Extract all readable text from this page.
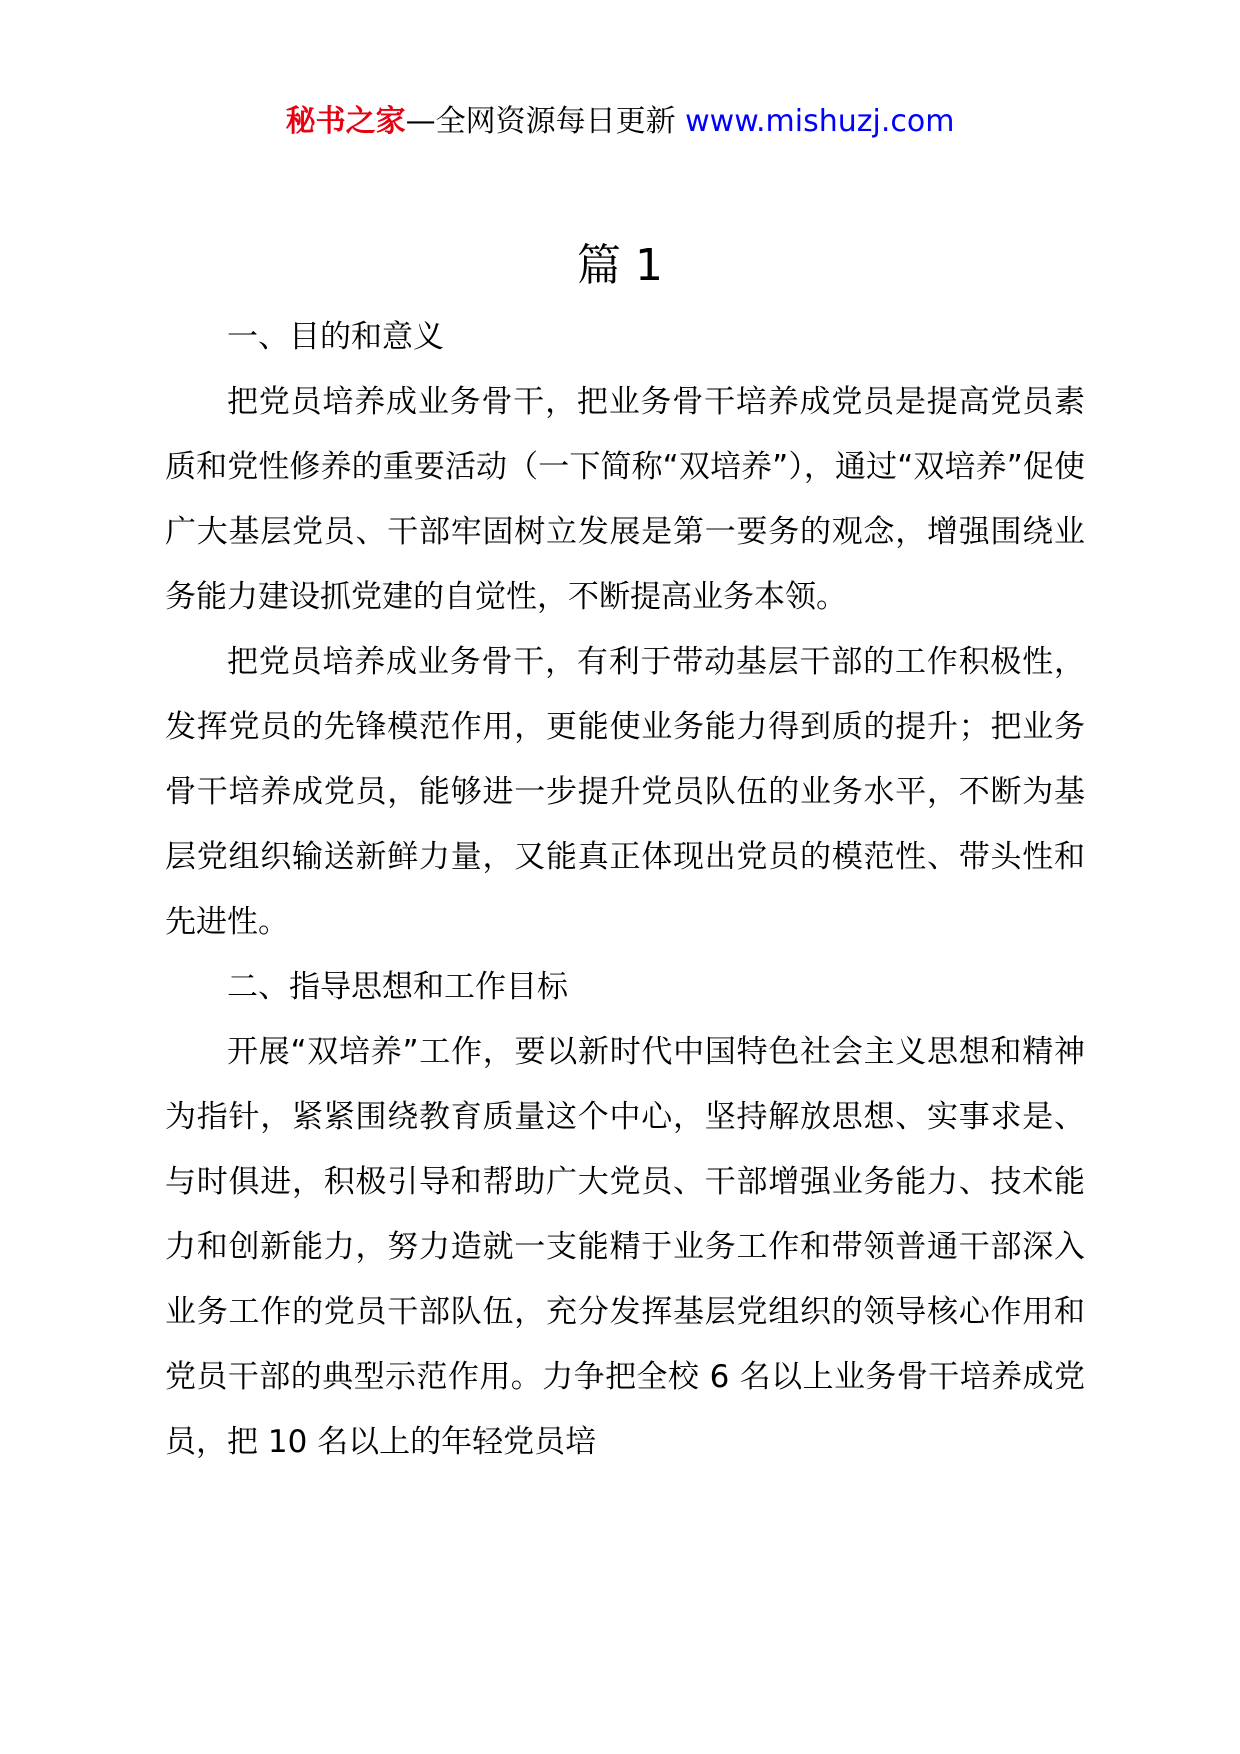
秘书之家—全网资源每日更新 www.mishuzj.com
篇 1

一、目的和意义

把党员培养成业务骨干，把业务骨干培养成党员是提高党员素质和党性修养的重要活动（一下简称“双培养”），通过“双培养”促使广大基层党员、干部牢固树立发展是第一要务的观念，增强围绕业务能力建设抓党建的自觉性，不断提高业务本领。

把党员培养成业务骨干，有利于带动基层干部的工作积极性，发挥党员的先锋模范作用，更能使业务能力得到质的提升；把业务骨干培养成党员，能够进一步提升党员队伍的业务水平，不断为基层党组织输送新鲜力量，又能真正体现出党员的模范性、带头性和先进性。

二、指导思想和工作目标

开展“双培养”工作，要以新时代中国特色社会主义思想和精神为指针，紧紧围绕教育质量这个中心，坚持解放思想、实事求是、与时俱进，积极引导和帮助广大党员、干部增强业务能力、技术能力和创新能力，努力造就一支能精于业务工作和带领普通干部深入业务工作的党员干部队伍，充分发挥基层党组织的领导核心作用和党员干部的典型示范作用。力争把全校 6 名以上业务骨干培养成党员，把 10 名以上的年轻党员培
